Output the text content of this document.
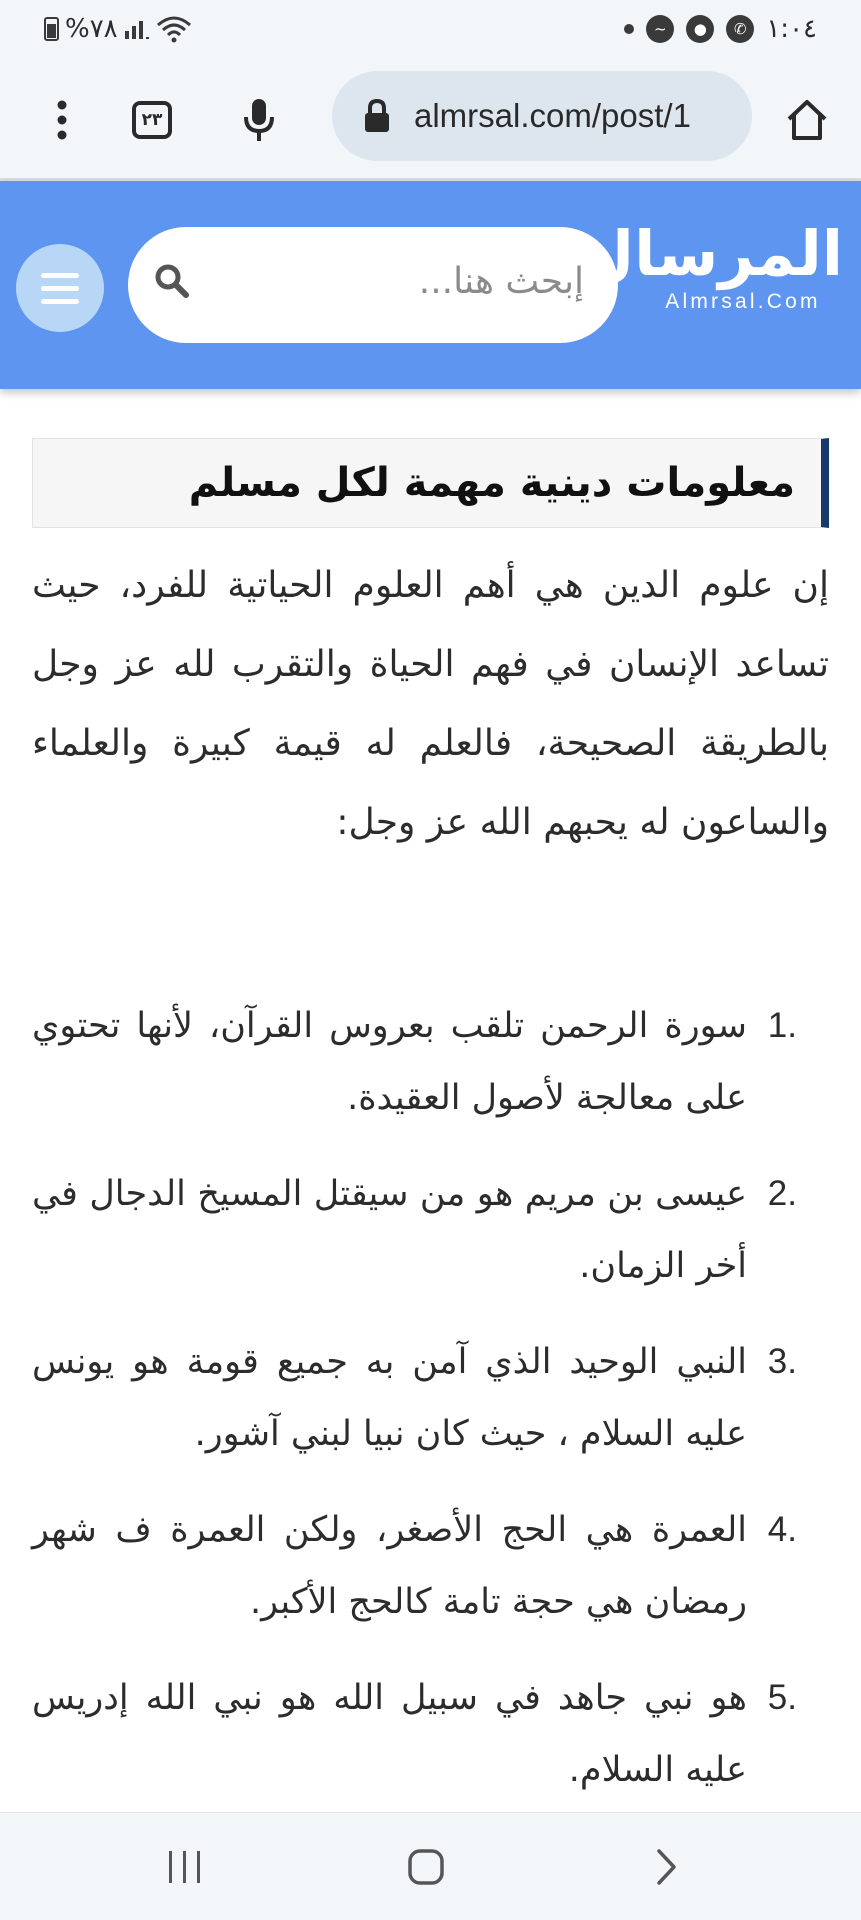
%٧٨	~	●	✆ ١:٠٤
٢٣	almrsal.com/post/1
إبحث هنا...
المرسال
Almrsal.Com
معلومات دينية مهمة لكل مسلم

إن علوم الدين هي أهم العلوم الحياتية للفرد، حيث تساعد الإنسان في فهم الحياة والتقرب لله عز وجل بالطريقة الصحيحة، فالعلم له قيمة كبيرة والعلماء والساعون له يحبهم الله عز وجل:

1.
سورة الرحمن تلقب بعروس القرآن، لأنها تحتوي على معالجة لأصول العقيدة.
2.
عيسى بن مريم هو من سيقتل المسيخ الدجال في أخر الزمان.
3.
النبي الوحيد الذي آمن به جميع قومة هو يونس عليه السلام ، حيث كان نبيا لبني آشور.
4.
العمرة هي الحج الأصغر، ولكن العمرة ف شهر رمضان هي حجة تامة كالحج الأكبر.
5.
هو نبي جاهد في سبيل الله هو نبي الله إدريس عليه السلام.
